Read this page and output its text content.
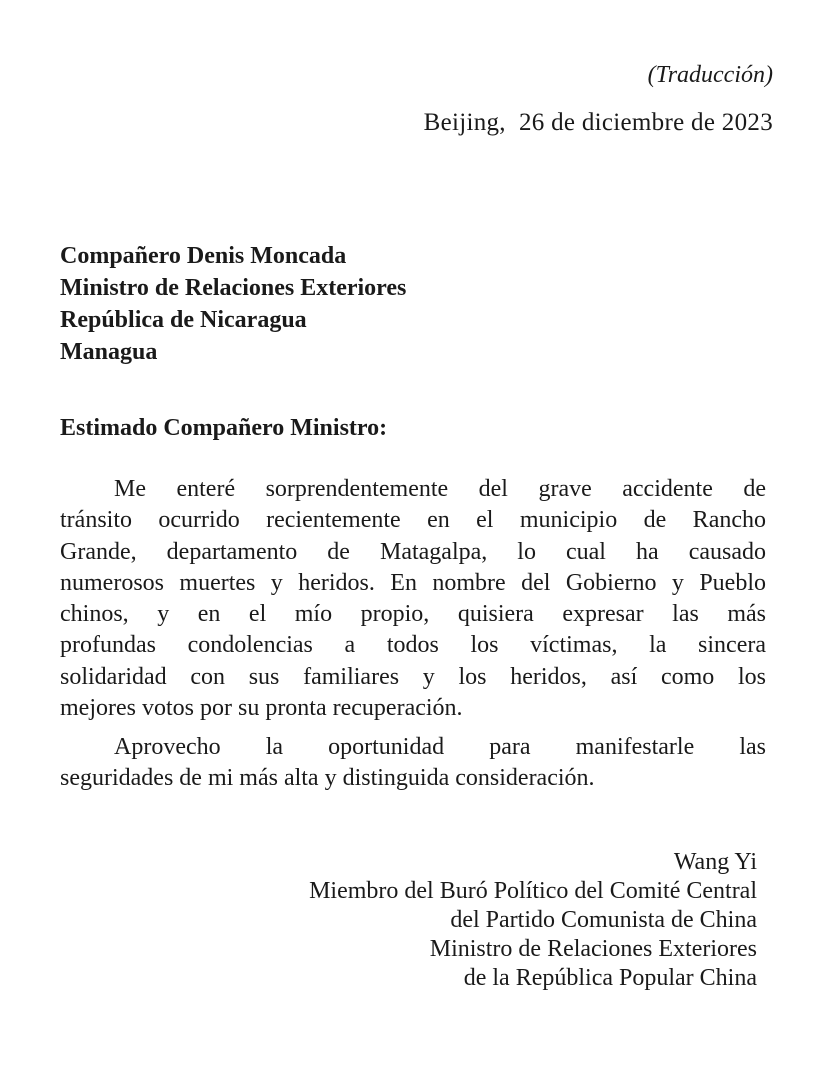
(Traducción)
Beijing,  26 de diciembre de 2023
Compañero Denis Moncada
Ministro de Relaciones Exteriores
República de Nicaragua
Managua
Estimado Compañero Ministro:
Me enteré sorprendentemente del grave accidente de
tránsito ocurrido recientemente en el municipio de Rancho
Grande, departamento de Matagalpa, lo cual ha causado
numerosos muertes y heridos. En nombre del Gobierno y Pueblo
chinos, y en el mío propio, quisiera expresar las más
profundas condolencias a todos los víctimas, la sincera
solidaridad con sus familiares y los heridos, así como los
mejores votos por su pronta recuperación.
Aprovecho la oportunidad para manifestarle las
seguridades de mi más alta y distinguida consideración.
Wang Yi
Miembro del Buró Político del Comité Central
del Partido Comunista de China
Ministro de Relaciones Exteriores
de la República Popular China
